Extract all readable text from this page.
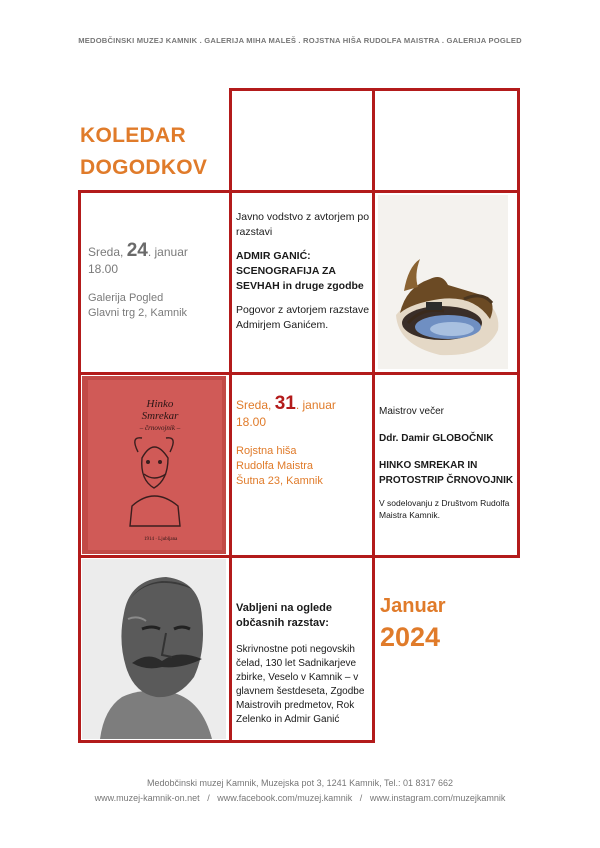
MEDOBČINSKI MUZEJ KAMNIK . GALERIJA MIHA MALEŠ . ROJSTNA HIŠA RUDOLFA MAISTRA . GALERIJA POGLED
KOLEDAR
DOGODKOV
Sreda, 24. januar
18.00
Galerija Pogled
Glavni trg 2, Kamnik
Javno vodstvo z avtorjem po razstavi
ADMIR GANIĆ: SCENOGRAFIJA ZA SEVHAH in druge zgodbe
Pogovor z avtorjem razstave Admirjem Ganićem.
1914 · Ljubljana
Hinko
Smrekar
– črnovojnik –
Sreda, 31. januar
18.00
Rojstna hiša
Rudolfa Maistra
Šutna 23, Kamnik
Maistrov večer
Ddr. Damir GLOBOČNIK
HINKO SMREKAR IN PROTOSTRIP ČRNOVOJNIK
V sodelovanju z Društvom Rudolfa Maistra Kamnik.
Vabljeni na oglede občasnih razstav:
Skrivnostne poti negovskih čelad, 130 let Sadnikarjeve zbirke, Veselo v Kamnik – v glavnem šestdeseta, Zgodbe Maistrovih predmetov, Rok Zelenko in Admir Ganić
Januar
2024
Medobčinski muzej Kamnik, Muzejska pot 3, 1241 Kamnik, Tel.: 01 8317 662
www.muzej-kamnik-on.net / www.facebook.com/muzej.kamnik / www.instagram.com/muzejkamnik
